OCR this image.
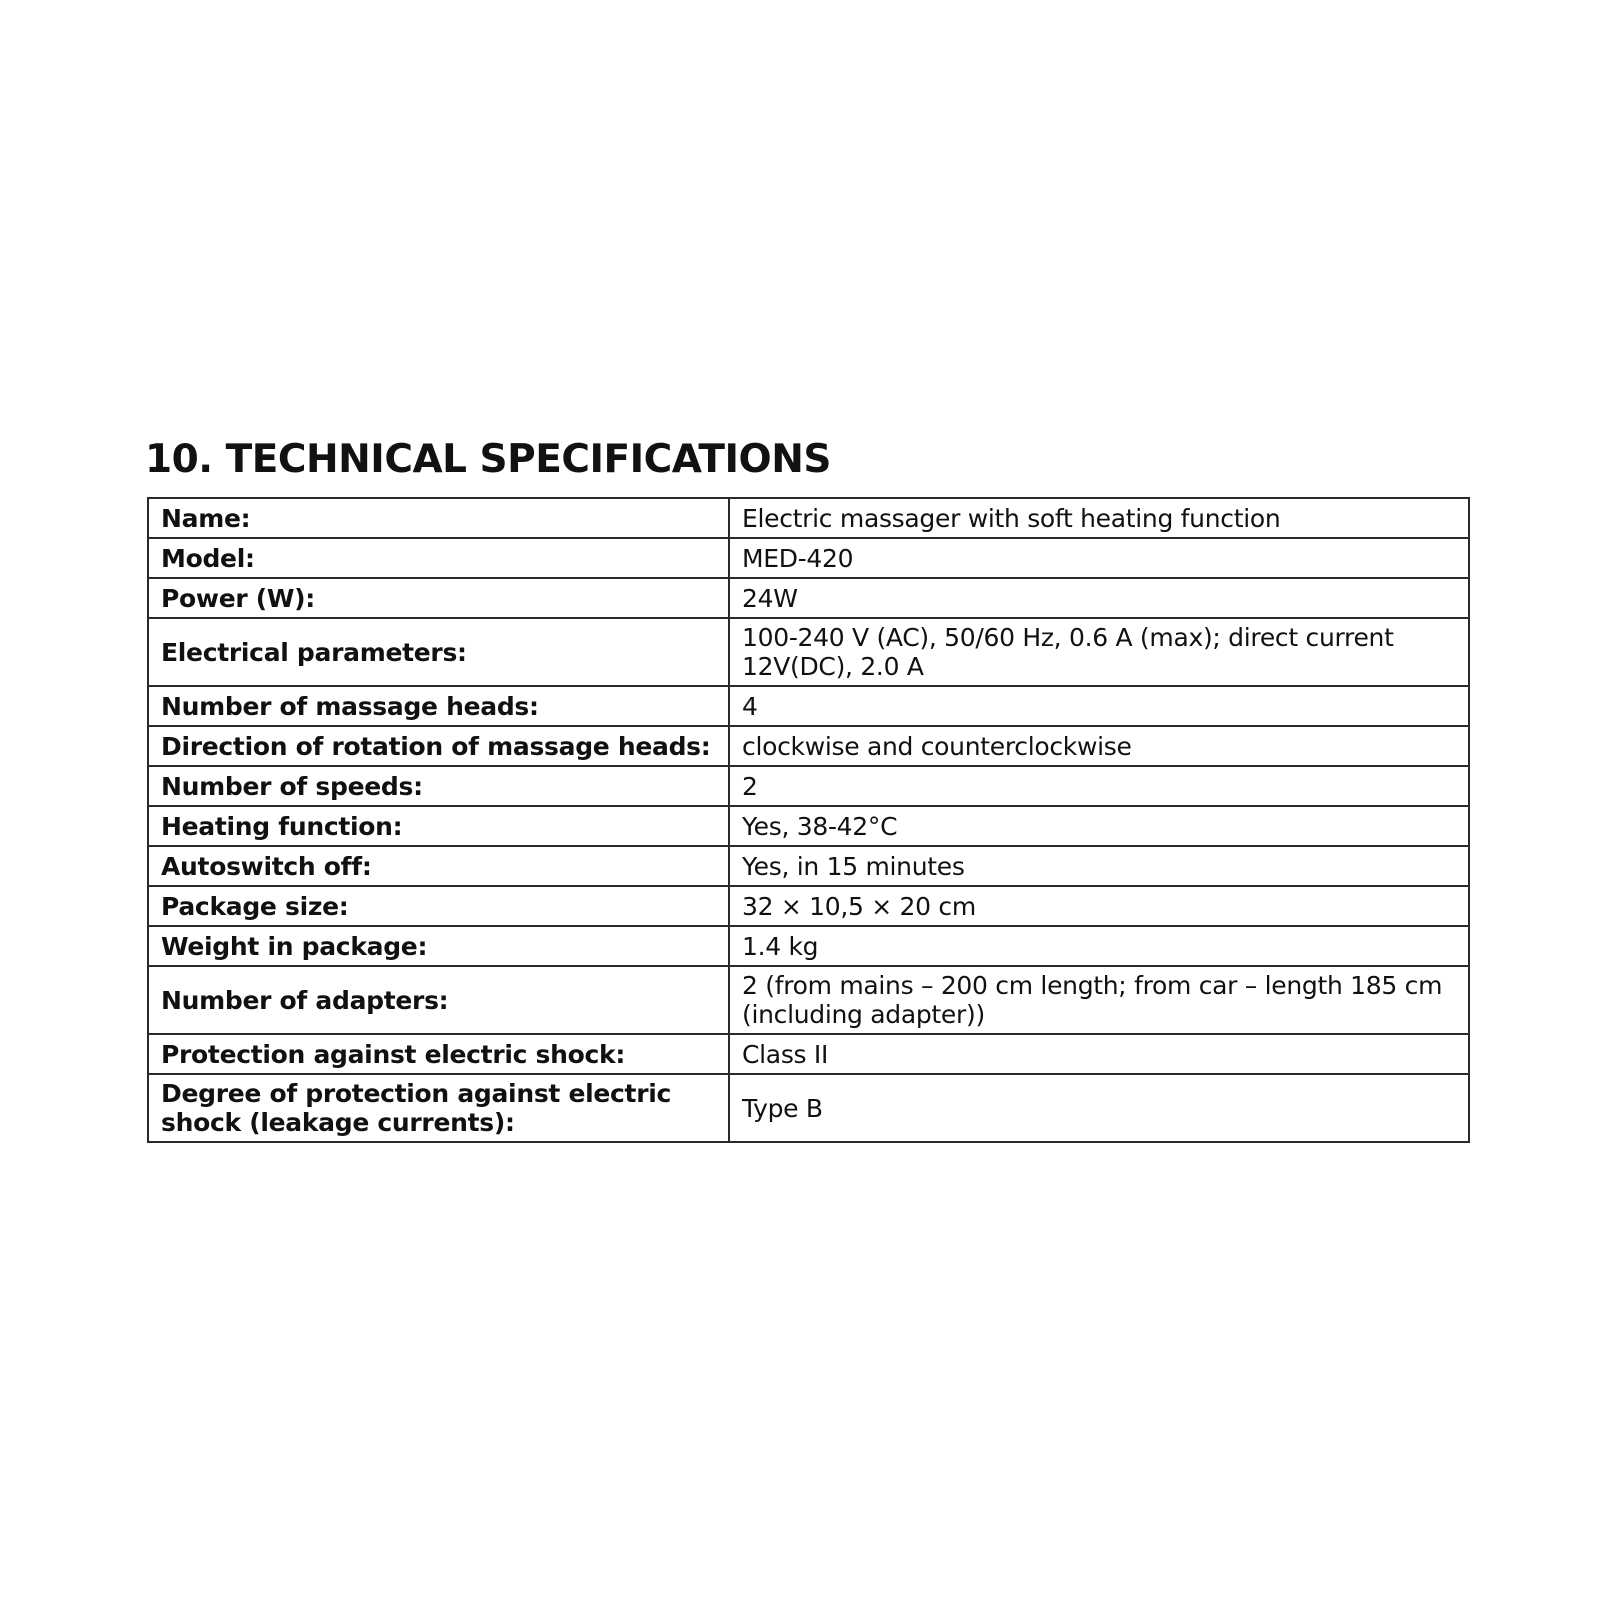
10. TECHNICAL SPECIFICATIONS
Name:	Electric massager with soft heating function
Model:	MED-420
Power (W):	24W
Electrical parameters:	100-240 V (AC), 50/60 Hz, 0.6 A (max); direct current 12V(DC), 2.0 A
Number of massage heads:	4
Direction of rotation of massage heads:	clockwise and counterclockwise
Number of speeds:	2
Heating function:	Yes, 38-42°C
Autoswitch off:	Yes, in 15 minutes
Package size:	32 × 10,5 × 20 cm
Weight in package:	1.4 kg
Number of adapters:	2 (from mains – 200 cm length; from car – length 185 cm (including adapter))
Protection against electric shock:	Class II
Degree of protection against electric shock (leakage currents):	Type B
